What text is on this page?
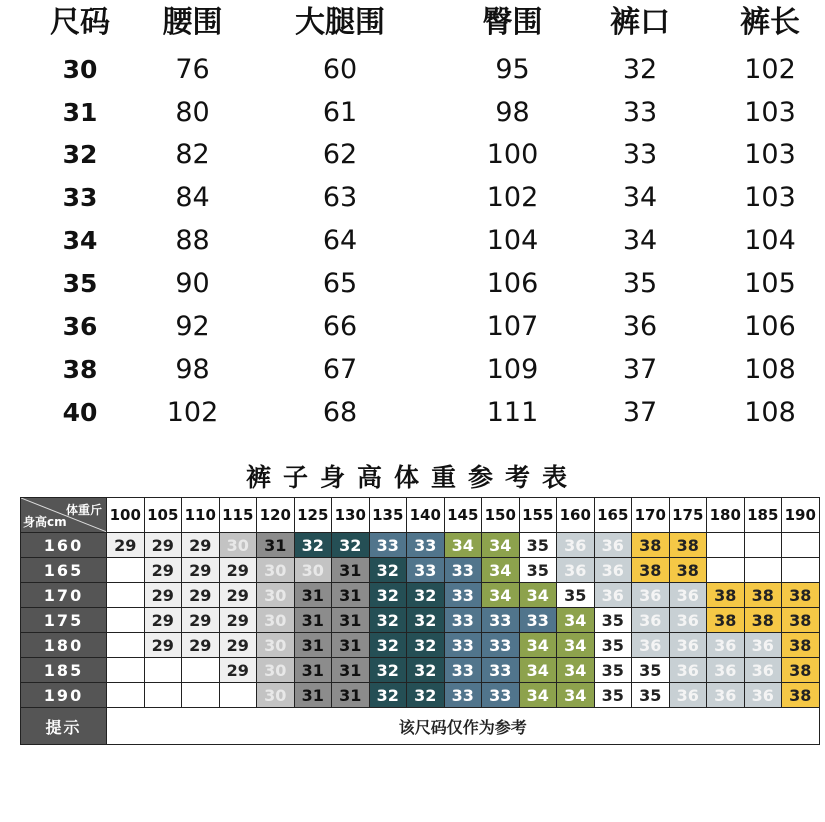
尺码	腰围	大腿围	臀围	裤口	裤长
30	76	60	95	32	102
31	80	61	98	33	103
32	82	62	100	33	103
33	84	63	102	34	103
34	88	64	104	34	104
35	90	65	106	35	105
36	92	66	107	36	106
38	98	67	109	37	108
40	102	68	111	37	108
裤子身高体重参考表
体重斤
身高cm	100	105	110	115	120	125	130	135	140	145	150	155	160	165	170	175	180	185	190
160	29	29	29	30	31	32	32	33	33	34	34	35	36	36	38	38			
165		29	29	29	30	30	31	32	33	33	34	35	36	36	38	38			
170		29	29	29	30	31	31	32	32	33	34	34	35	36	36	36	38	38	38
175		29	29	29	30	31	31	32	32	33	33	33	34	35	36	36	38	38	38
180		29	29	29	30	31	31	32	32	33	33	34	34	35	36	36	36	36	38
185				29	30	31	31	32	32	33	33	34	34	35	35	36	36	36	38
190					30	31	31	32	32	33	33	34	34	35	35	36	36	36	38
提示	该尺码仅作为参考																		
